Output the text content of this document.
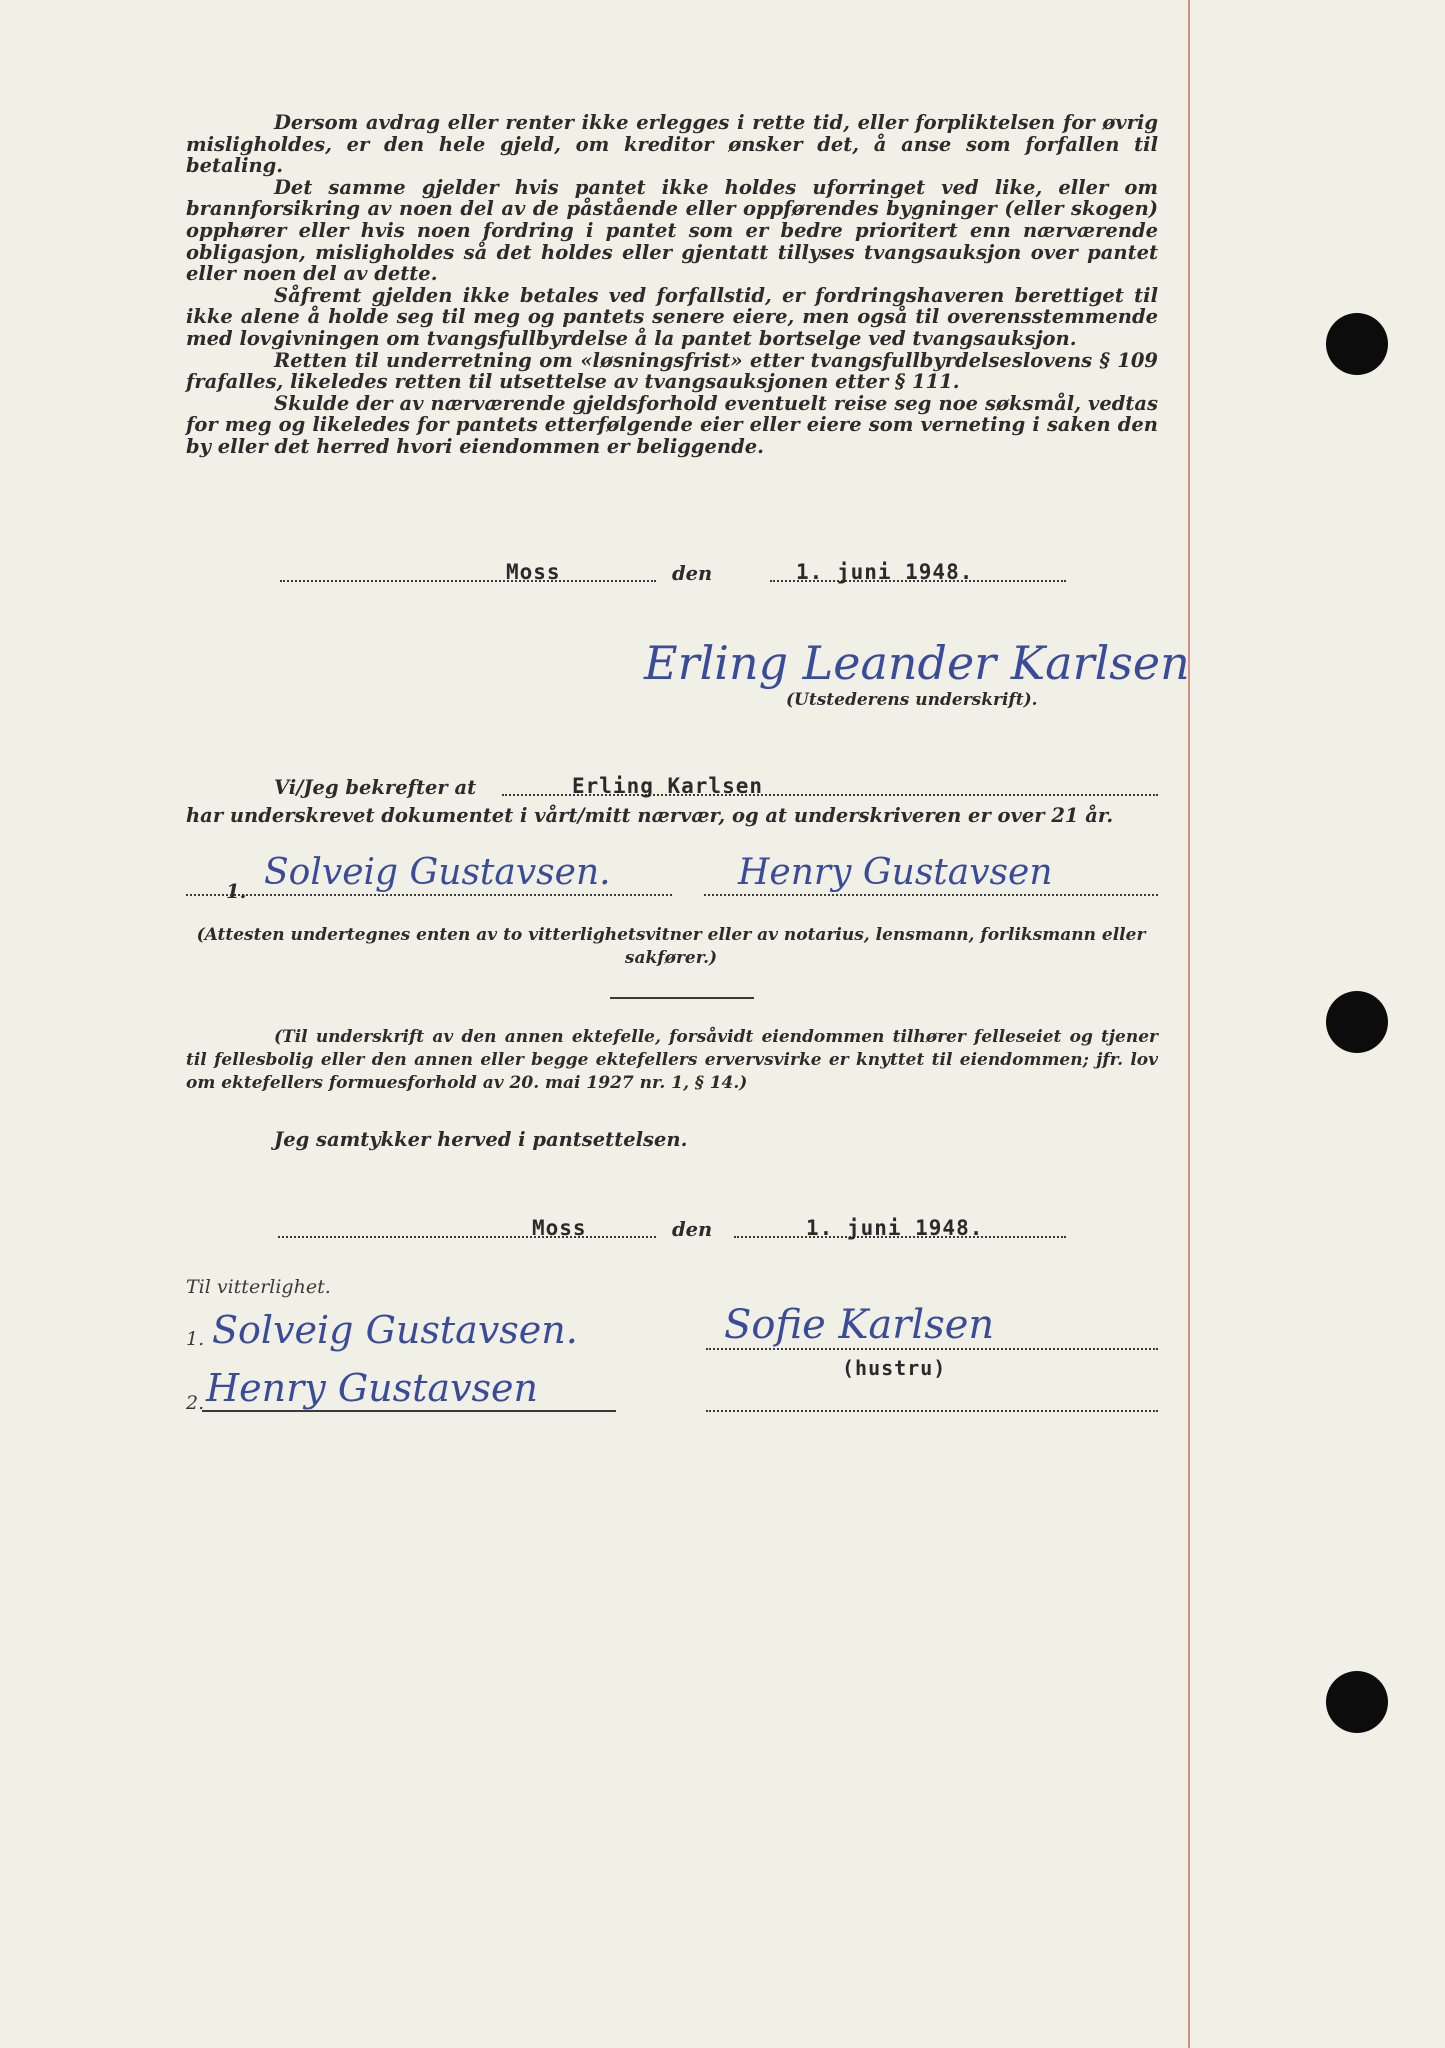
Dersom avdrag eller renter ikke erlegges i rette tid, eller forpliktelsen for øvrig misligholdes, er den hele gjeld, om kreditor ønsker det, å anse som forfallen til betaling.

Det samme gjelder hvis pantet ikke holdes uforringet ved like, eller om brannforsikring av noen del av de påstående eller oppførendes bygninger (eller skogen) opphører eller hvis noen fordring i pantet som er bedre prioritert enn nærværende obligasjon, misligholdes så det holdes eller gjentatt tillyses tvangsauksjon over pantet eller noen del av dette.

Såfremt gjelden ikke betales ved forfallstid, er fordringshaveren berettiget til ikke alene å holde seg til meg og pantets senere eiere, men også til overensstemmende med lovgivningen om tvangsfullbyrdelse å la pantet bortselge ved tvangsauksjon.

Retten til underretning om «løsningsfrist» etter tvangsfullbyrdelseslovens § 109 frafalles, likeledes retten til utsettelse av tvangsauksjonen etter § 111.

Skulde der av nærværende gjeldsforhold eventuelt reise seg noe søksmål, vedtas for meg og likeledes for pantets etterfølgende eier eller eiere som verneting i saken den by eller det herred hvori eiendommen er beliggende.

Moss	den	1. juni 1948.
Erling Leander Karlsen
(Utstederens underskrift).
Vi/Jeg bekrefter at	Erling Karlsen
har underskrevet dokumentet i vårt/mitt nærvær, og at underskriveren er over 21 år.
1. Solveig Gustavsen.	Henry Gustavsen
(Attesten undertegnes enten av to vitterlighetsvitner eller av notarius, lensmann, forliksmann eller sakfører.)
(Til underskrift av den annen ektefelle, forsåvidt eiendommen tilhører felleseiet og tjener til fellesbolig eller den annen eller begge ektefellers ervervsvirke er knyttet til eiendommen; jfr. lov om ektefellers formuesforhold av 20. mai 1927 nr. 1, § 14.)
Jeg samtykker herved i pantsettelsen.
Moss	den	1. juni 1948.
Til vitterlighet.
1. Solveig Gustavsen.	Sofie Karlsen
(hustru)
2. Henry Gustavsen
